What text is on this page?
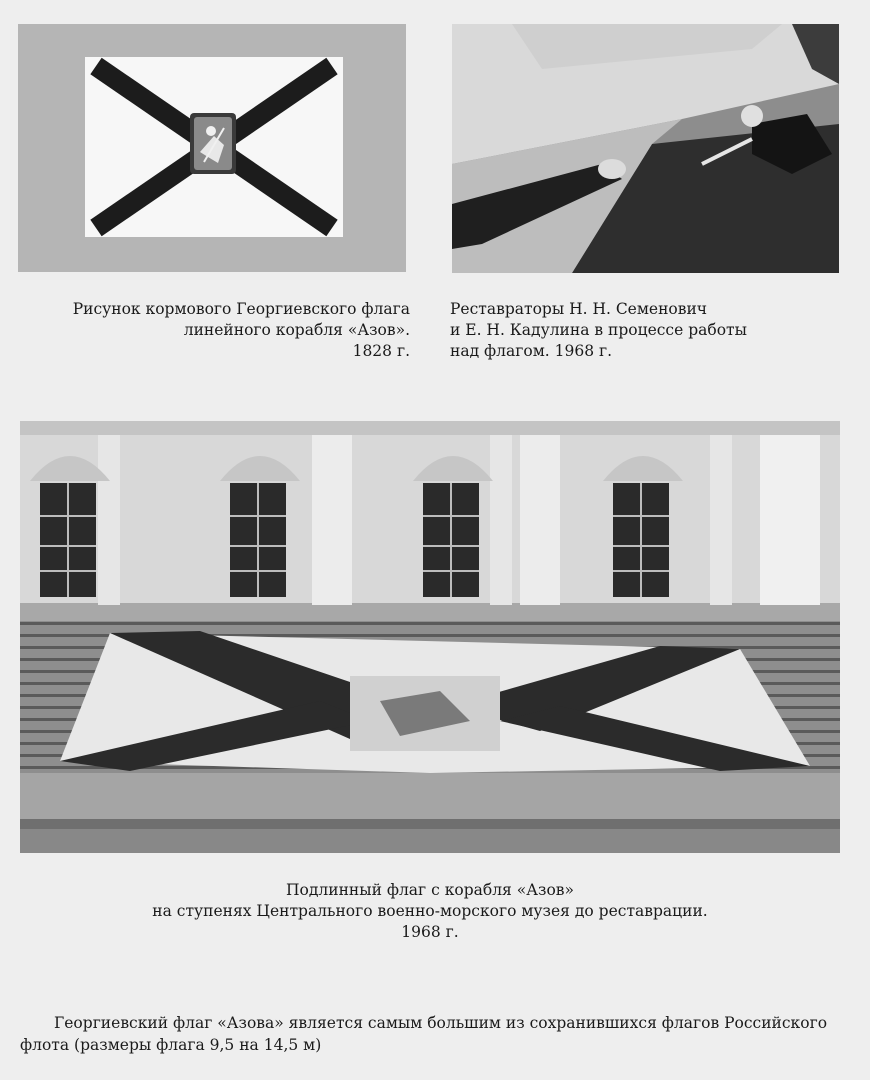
Рисунок кормового Георгиевского флага
линейного корабля «Азов».
1828 г.
Реставраторы Н. Н. Семенович
и Е. Н. Кадулина в процессе работы
над флагом. 1968 г.
Подлинный флаг с корабля «Азов»
на ступенях Центрального военно-морского музея до реставрации.
1968 г.
Георгиевский флаг «Азова» является самым большим из сохранившихся флагов Российского
флота (размеры флага 9,5 на 14,5 м)
